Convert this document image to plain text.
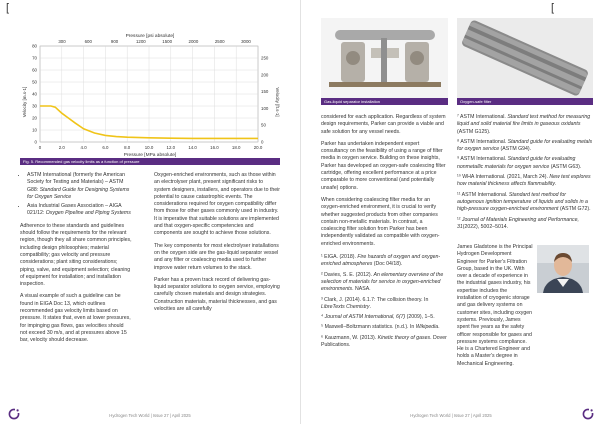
[
0	2.0	4.0	6.0	8.0	10.0	12.0	14.0	16.0	18.0	20.0
0
10
20
30
40
50
60
70
80
300	600	900	1200	1500	2000	2500	3000
0
50
100
150
200
250
Pressure [psi absolute]
Pressure [MPa absolute]
Velocity [m.s-1]	Velocity [ft.s-1]
Fig. 5. Recommended gas velocity limits as a function of pressure
• ASTM International (formerly the American Society for Testing and Materials) – ASTM G88: Standard Guide for Designing Systems for Oxygen Service
• Asia Industrial Gases Association – AIGA 021/12: Oxygen Pipeline and Piping Systems

Adherence to these standards and guidelines should follow the requirements for the relevant region, though they all share common principles, including design philosophies; material compatibility; gas velocity and pressure considerations; plant siting considerations; piping, valve, and equipment selection; cleaning of equipment for installation; and installation inspection.

A visual example of such a guideline can be found in EIGA Doc 13, which outlines recommended gas velocity limits based on pressure. It states that, even at lower pressures, for impinging gas flows, gas velocities should not exceed 30 m/s, and at pressures above 15 bar, velocity should decrease.

Oxygen-enriched environments, such as those within an electrolyser plant, present significant risks to system designers, installers, and operators due to their potential to cause catastrophic events. The considerations required for oxygen compatibility differ from those for other gases commonly used in industry. It is imperative that suitable solutions are implemented and that oxygen-specific competencies and components are sought to achieve those solutions.

The key components for most electrolyser installations on the oxygen side are the gas-liquid separator vessel and any filter or coalescing media used to further improve water return volumes to the stack.

Parker has a proven track record of delivering gas-liquid separator solutions to oxygen service, employing carefully chosen materials and design strategies. Construction materials, material thicknesses, and gas velocities are all carefully

Hydrogen Tech World | Issue 27 | April 2025
[
Gas-liquid separator installation	Oxygen-safe filter

considered for each application. Regardless of system design requirements, Parker can provide a viable and safe solution for any vessel needs.

Parker has undertaken independent expert consultancy on the feasibility of using a range of filter media in oxygen service. Building on these insights, Parker has developed an oxygen-safe coalescing filter cartridge, offering excellent performance at a price comparable to more conventional (and potentially unsafe) options.

When considering coalescing filter media for an oxygen-enriched environment, it is crucial to verify whether suggested products from other companies contain non-metallic materials. In contrast, a coalescing filter solution from Parker has been independently validated as compatible with oxygen-enriched environments.

¹ EIGA. (2018). Fire hazards of oxygen and oxygen-enriched atmospheres (Doc 04/18).
² Davies, S. E. (2012). An elementary overview of the selection of materials for service in oxygen-enriched environments. NASA.
³ Clark, J. (2014). 6.1.7: The collision theory. In LibreTexts Chemistry.
⁴ Journal of ASTM International, 6(7) (2009), 1–5.
⁵ Maxwell–Boltzmann statistics. (n.d.). In Wikipedia.
⁶ Kauzmann, W. (2013). Kinetic theory of gases. Dover Publications.
⁷ ASTM International. Standard test method for measuring liquid and solid material fire limits in gaseous oxidants (ASTM G125).
⁸ ASTM International. Standard guide for evaluating metals for oxygen service (ASTM G94).
⁹ ASTM International. Standard guide for evaluating nonmetallic materials for oxygen service (ASTM G63).
¹⁰ WHA International. (2021, March 24). New test explores how material thickness affects flammability.
¹¹ ASTM International. Standard test method for autogenous ignition temperature of liquids and solids in a high-pressure oxygen-enriched environment (ASTM G72).
¹² Journal of Materials Engineering and Performance, 31(2022), 5002–5014.
James Gladstone is the Principal Hydrogen Development Engineer for Parker's Filtration Group, based in the UK. With over a decade of experience in the industrial gases industry, his expertise includes the installation of cryogenic storage and gas delivery systems on customer sites, including oxygen systems. Previously, James spent five years as the safety officer responsible for gases and pressure systems compliance. He is a Chartered Engineer and holds a Master's degree in Mechanical Engineering.
Hydrogen Tech World | Issue 27 | April 2025
